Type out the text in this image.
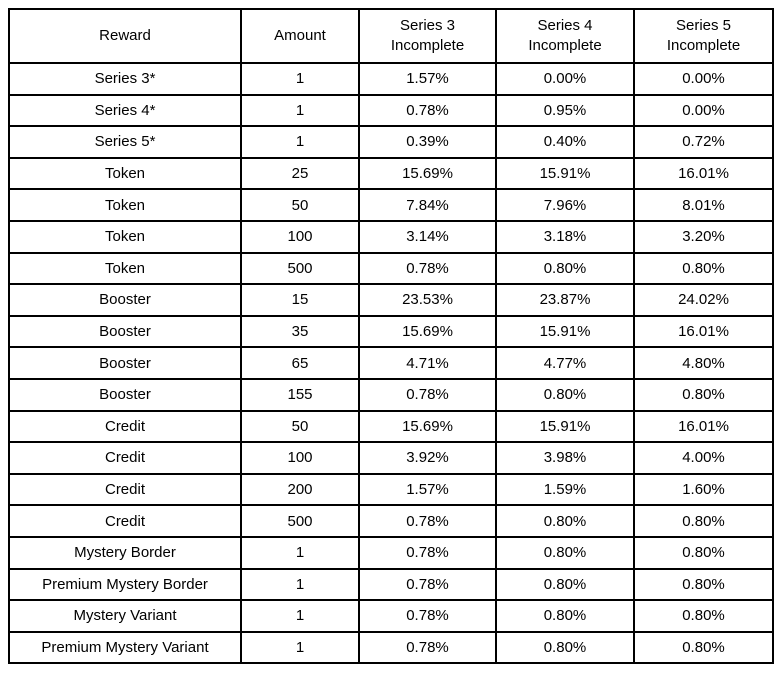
Reward	Amount	Series 3 Incomplete	Series 4 Incomplete	Series 5 Incomplete
Series 3*	1	1.57%	0.00%	0.00%
Series 4*	1	0.78%	0.95%	0.00%
Series 5*	1	0.39%	0.40%	0.72%
Token	25	15.69%	15.91%	16.01%
Token	50	7.84%	7.96%	8.01%
Token	100	3.14%	3.18%	3.20%
Token	500	0.78%	0.80%	0.80%
Booster	15	23.53%	23.87%	24.02%
Booster	35	15.69%	15.91%	16.01%
Booster	65	4.71%	4.77%	4.80%
Booster	155	0.78%	0.80%	0.80%
Credit	50	15.69%	15.91%	16.01%
Credit	100	3.92%	3.98%	4.00%
Credit	200	1.57%	1.59%	1.60%
Credit	500	0.78%	0.80%	0.80%
Mystery Border	1	0.78%	0.80%	0.80%
Premium Mystery Border	1	0.78%	0.80%	0.80%
Mystery Variant	1	0.78%	0.80%	0.80%
Premium Mystery Variant	1	0.78%	0.80%	0.80%
